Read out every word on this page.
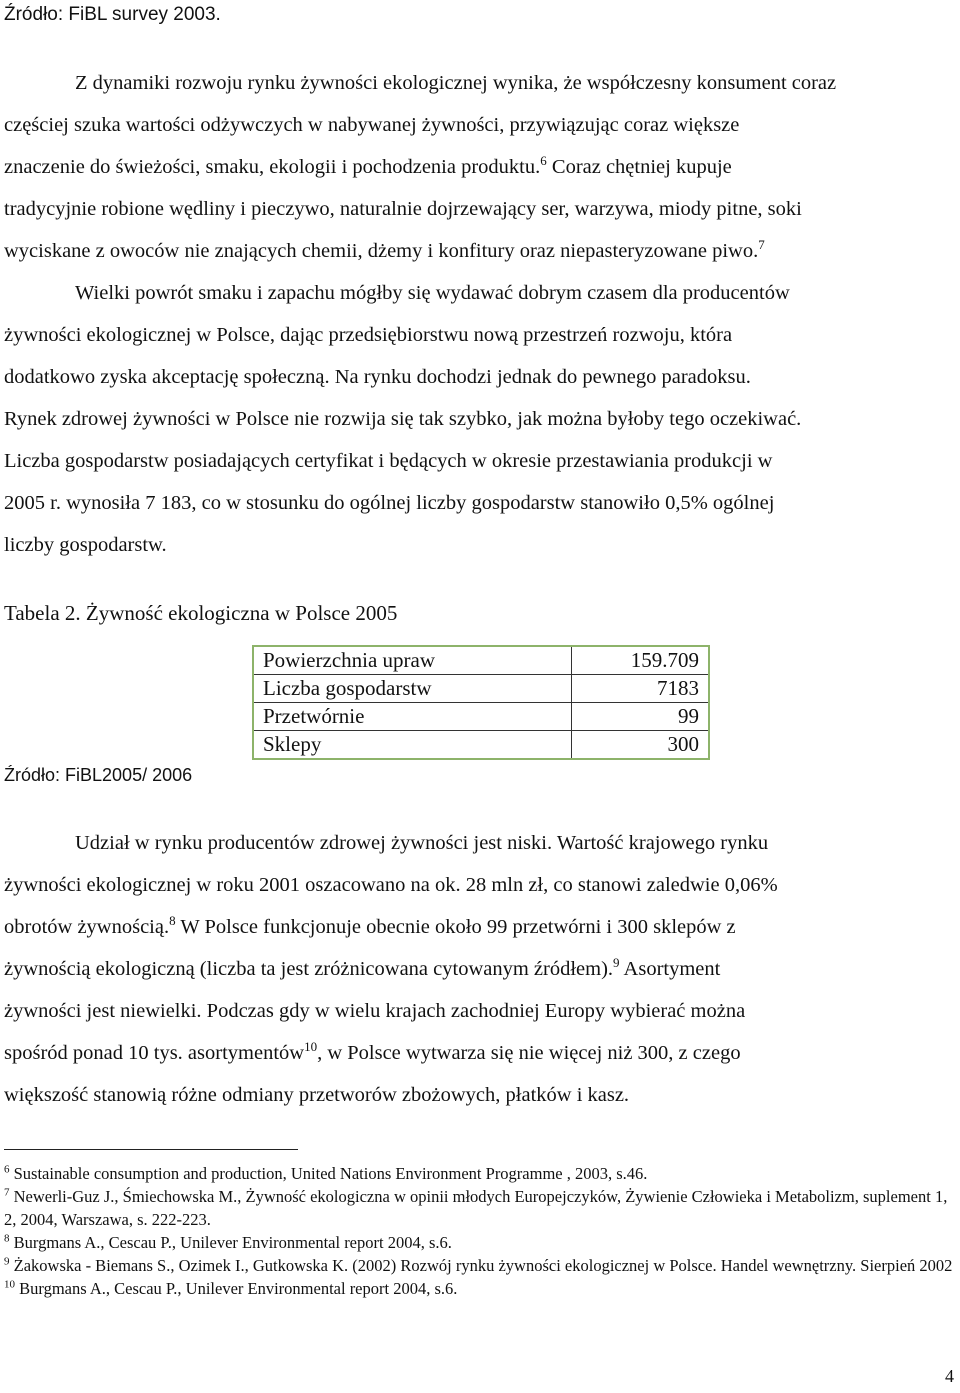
Źródło: FiBL survey 2003.

Z dynamiki rozwoju rynku żywności ekologicznej wynika, że współczesny konsument coraz
częściej szuka wartości odżywczych w nabywanej żywności, przywiązując coraz większe
znaczenie do świeżości, smaku, ekologii i pochodzenia produktu.$^6$ Coraz chętniej kupuje
tradycyjnie robione wędliny i pieczywo, naturalnie dojrzewający ser, warzywa, miody pitne, soki
wyciskane z owoców nie znających chemii, dżemy i konfitury oraz niepasteryzowane piwo.$^7$
Wielki powrót smaku i zapachu mógłby się wydawać dobrym czasem dla producentów
żywności ekologicznej w Polsce, dając przedsiębiorstwu nową przestrzeń rozwoju, która
dodatkowo zyska akceptację społeczną. Na rynku dochodzi jednak do pewnego paradoksu.
Rynek zdrowej żywności w Polsce nie rozwija się tak szybko, jak można byłoby tego oczekiwać.
Liczba gospodarstw posiadających certyfikat i będących w okresie przestawiania produkcji w
2005 r. wynosiła 7 183, co w stosunku do ogólnej liczby gospodarstw stanowiło 0,5% ogólnej
liczby gospodarstw.

Tabela 2. Żywność ekologiczna w Polsce 2005
Powierzchnia upraw	159.709
Liczba gospodarstw	7183
Przetwórnie	99
Sklepy	300
Źródło: FiBL2005/ 2006

Udział w rynku producentów zdrowej żywności jest niski. Wartość krajowego rynku
żywności ekologicznej w roku 2001 oszacowano na ok. 28 mln zł, co stanowi zaledwie 0,06%
obrotów żywnością.$^8$ W Polsce funkcjonuje obecnie około 99 przetwórni i 300 sklepów z
żywnością ekologiczną (liczba ta jest zróżnicowana cytowanym źródłem).$^9$ Asortyment
żywności jest niewielki. Podczas gdy w wielu krajach zachodniej Europy wybierać można
spośród ponad 10 tys. asortymentów$^{10}$, w Polsce wytwarza się nie więcej niż 300, z czego
większość stanowią różne odmiany przetworów zbożowych, płatków i kasz.

$^6$ Sustainable consumption and production, United Nations Environment Programme , 2003, s.46.

$^7$ Newerli-Guz J., Śmiechowska M., Żywność ekologiczna w opinii młodych Europejczyków, Żywienie Człowieka i Metabolizm, suplement 1, 2, 2004, Warszawa, s. 222-223.

$^8$ Burgmans A., Cescau P., Unilever Environmental report 2004, s.6.

$^9$ Żakowska - Biemans S., Ozimek I., Gutkowska K. (2002) Rozwój rynku żywności ekologicznej w Polsce. Handel wewnętrzny. Sierpień 2002

$^{10}$ Burgmans A., Cescau P., Unilever Environmental report 2004, s.6.

4
